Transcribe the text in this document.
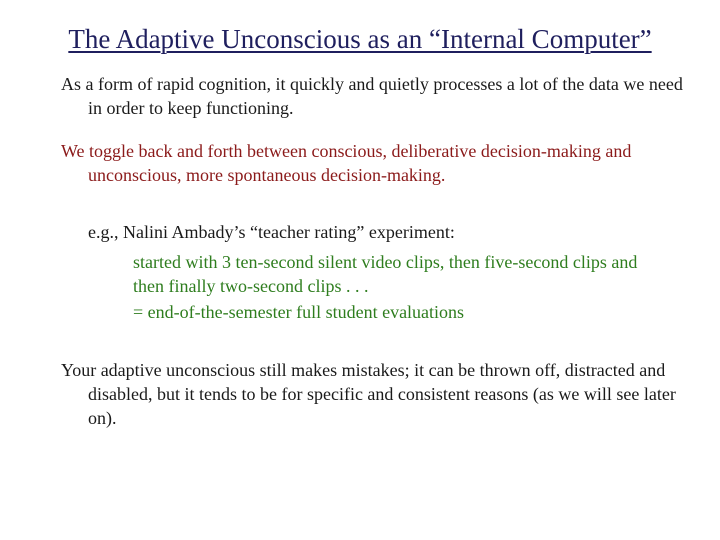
The Adaptive Unconscious as an “Internal Computer”

As a form of rapid cognition, it quickly and quietly processes a lot of the data we need in order to keep functioning.

We toggle back and forth between conscious, deliberative decision-making and unconscious, more spontaneous decision-making.

e.g., Nalini Ambady’s “teacher rating” experiment:

started with 3 ten-second silent video clips, then five-second clips and then finally two-second clips . . .
= end-of-the-semester full student evaluations

Your adaptive unconscious still makes mistakes; it can be thrown off, distracted and disabled, but it tends to be for specific and consistent reasons (as we will see later on).
